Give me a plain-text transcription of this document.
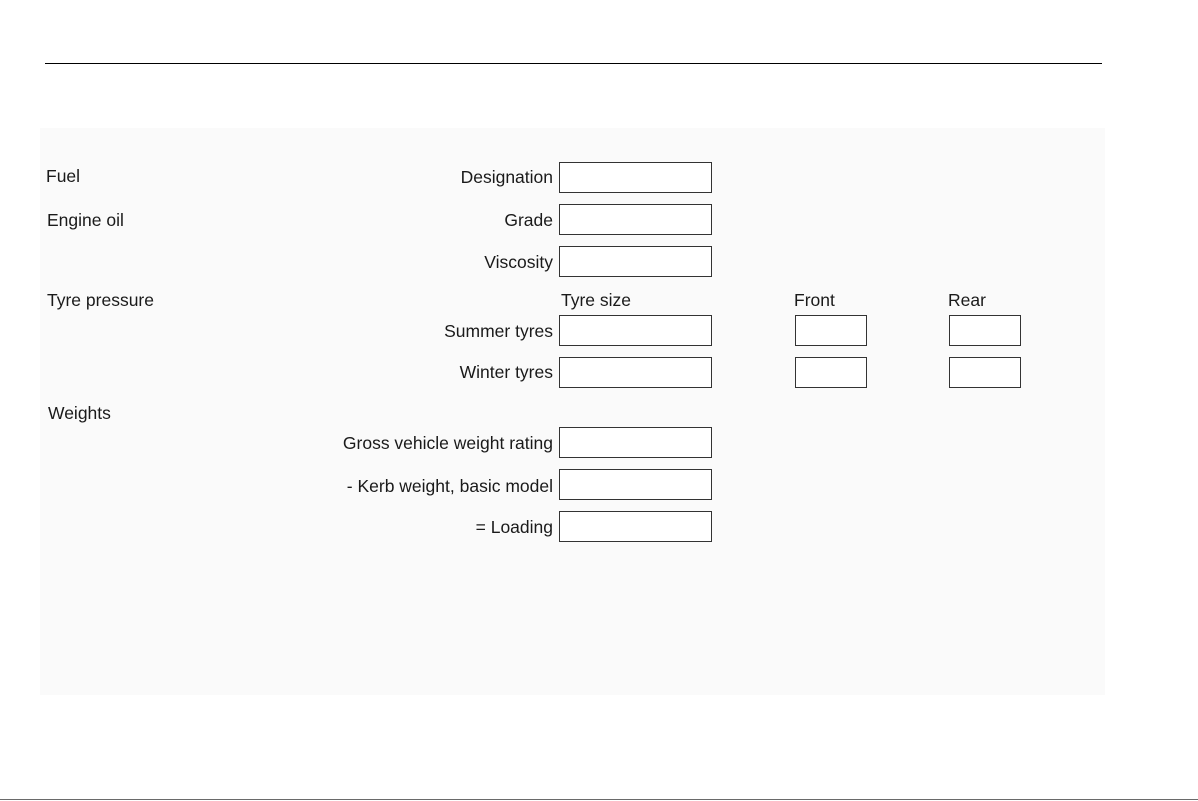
Fuel
Engine oil
Tyre pressure
Weights
Designation
Grade
Viscosity
Summer tyres
Winter tyres
Gross vehicle weight rating
- Kerb weight, basic model
= Loading
Tyre size	Front	Rear
